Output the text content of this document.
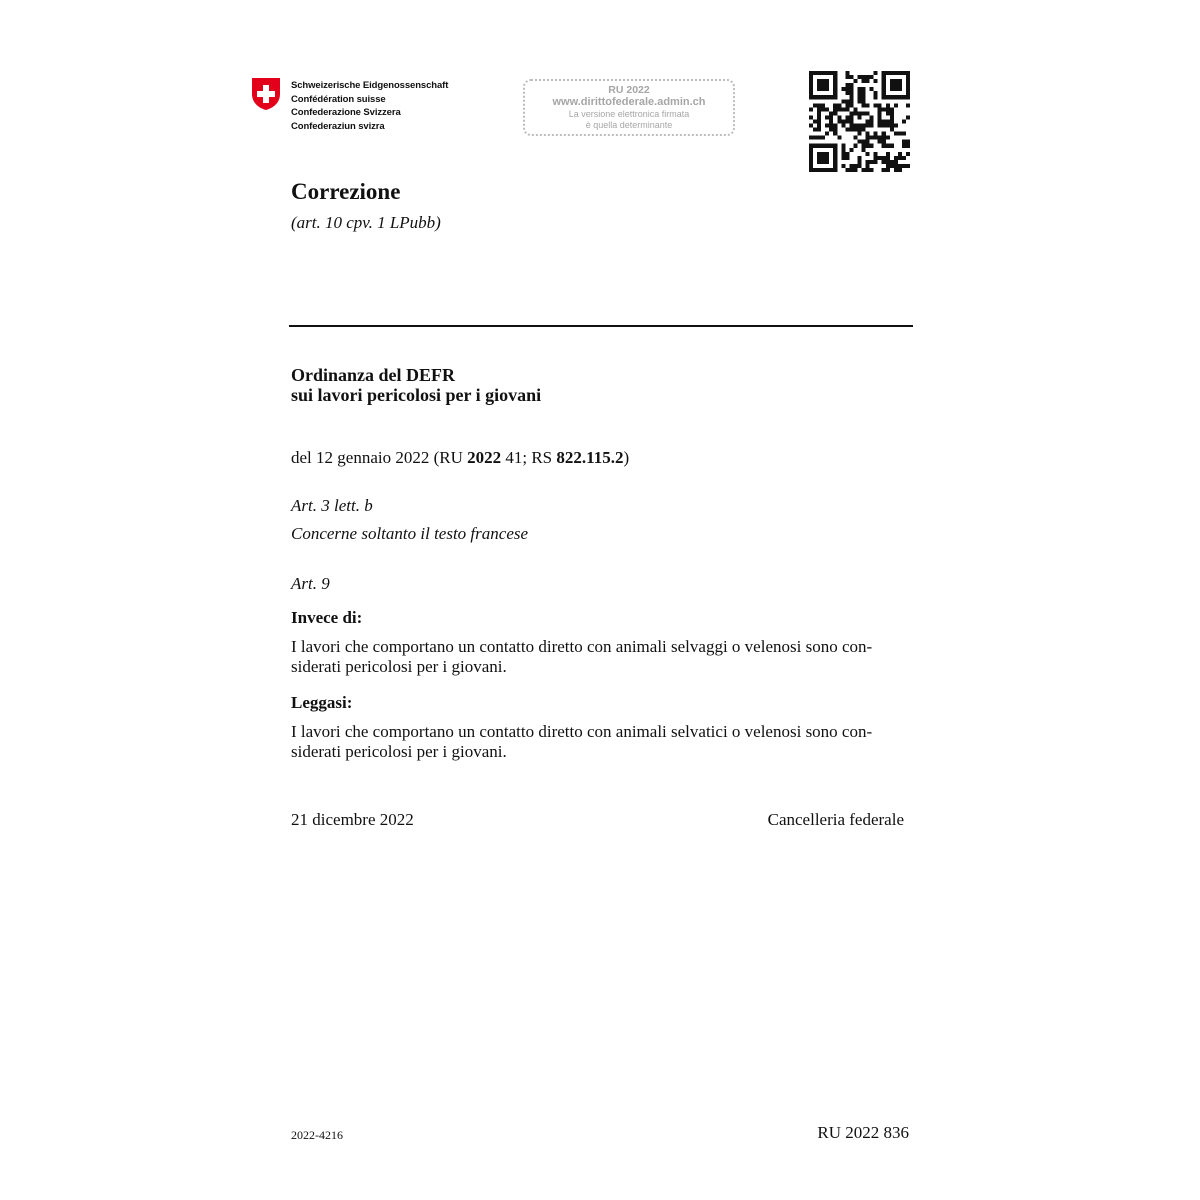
Schweizerische Eidgenossenschaft
Confédération suisse
Confederazione Svizzera
Confederaziun svizra
RU 2022
www.dirittofederale.admin.ch
La versione elettronica firmata
è quella determinante
Correzione
(art. 10 cpv. 1 LPubb)
Ordinanza del DEFR
sui lavori pericolosi per i giovani
del 12 gennaio 2022 (RU 2022 41; RS 822.115.2)
Art. 3 lett. b
Concerne soltanto il testo francese
Art. 9
Invece di:
I lavori che comportano un contatto diretto con animali selvaggi o velenosi sono con-
siderati pericolosi per i giovani.
Leggasi:
I lavori che comportano un contatto diretto con animali selvatici o velenosi sono con-
siderati pericolosi per i giovani.
21 dicembre 2022	Cancelleria federale
2022-4216	RU 2022 836
